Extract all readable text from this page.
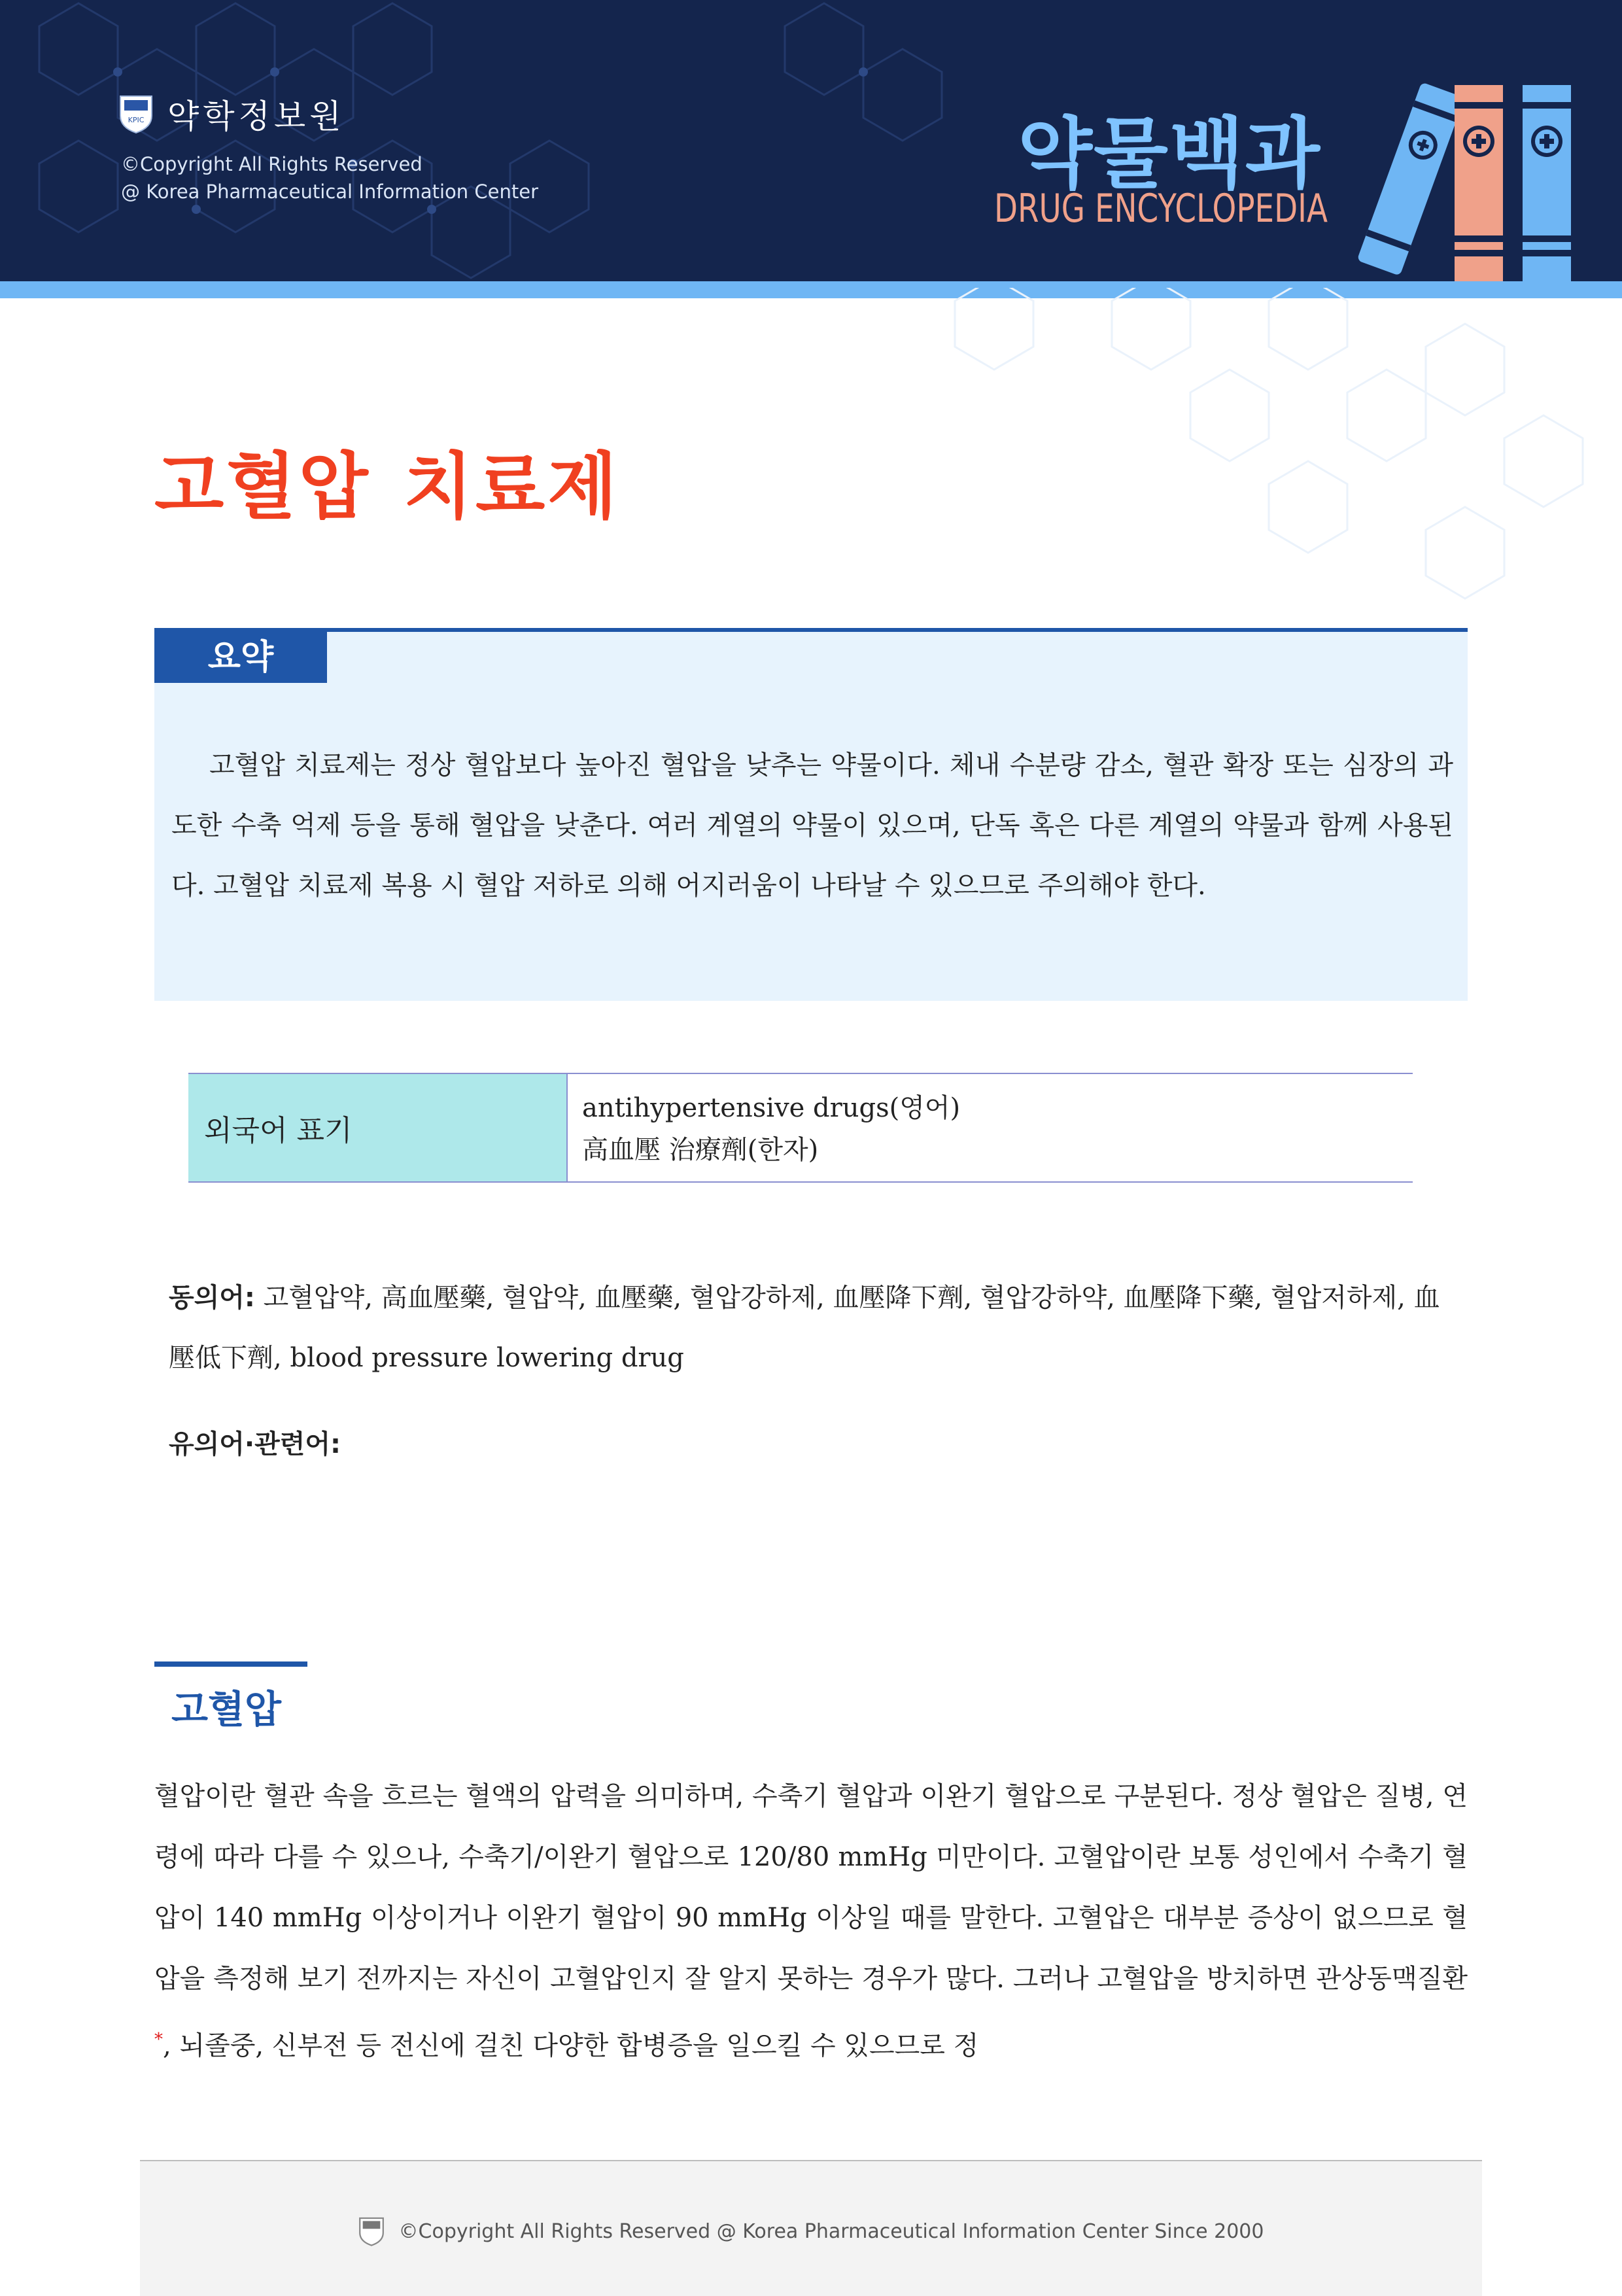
KPIC 약학정보원
©Copyright All Rights Reserved
@ Korea Pharmaceutical Information Center	약물백과
DRUG ENCYCLOPEDIA
고혈압 치료제
요약
고혈압 치료제는 정상 혈압보다 높아진 혈압을 낮추는 약물이다. 체내 수분량 감소, 혈관 확장 또는 심장의 과도한 수축 억제 등을 통해 혈압을 낮춘다. 여러 계열의 약물이 있으며, 단독 혹은 다른 계열의 약물과 함께 사용된다. 고혈압 치료제 복용 시 혈압 저하로 의해 어지러움이 나타날 수 있으므로 주의해야 한다.
외국어 표기
antihypertensive drugs(영어)
高血壓 治療劑(한자)
동의어: 고혈압약, 高血壓藥, 혈압약, 血壓藥, 혈압강하제, 血壓降下劑, 혈압강하약, 血壓降下藥, 혈압저하제, 血壓低下劑, blood pressure lowering drug
유의어·관련어:
고혈압
혈압이란 혈관 속을 흐르는 혈액의 압력을 의미하며, 수축기 혈압과 이완기 혈압으로 구분된다. 정상 혈압은 질병, 연령에 따라 다를 수 있으나, 수축기/이완기 혈압으로 120/80 mmHg 미만이다. 고혈압이란 보통 성인에서 수축기 혈압이 140 mmHg 이상이거나 이완기 혈압이 90 mmHg 이상일 때를 말한다. 고혈압은 대부분 증상이 없으므로 혈압을 측정해 보기 전까지는 자신이 고혈압인지 잘 알지 못하는 경우가 많다. 그러나 고혈압을 방치하면 관상동맥질환*, 뇌졸중, 신부전 등 전신에 걸친 다양한 합병증을 일으킬 수 있으므로 정
©Copyright All Rights Reserved @ Korea Pharmaceutical Information Center Since 2000
